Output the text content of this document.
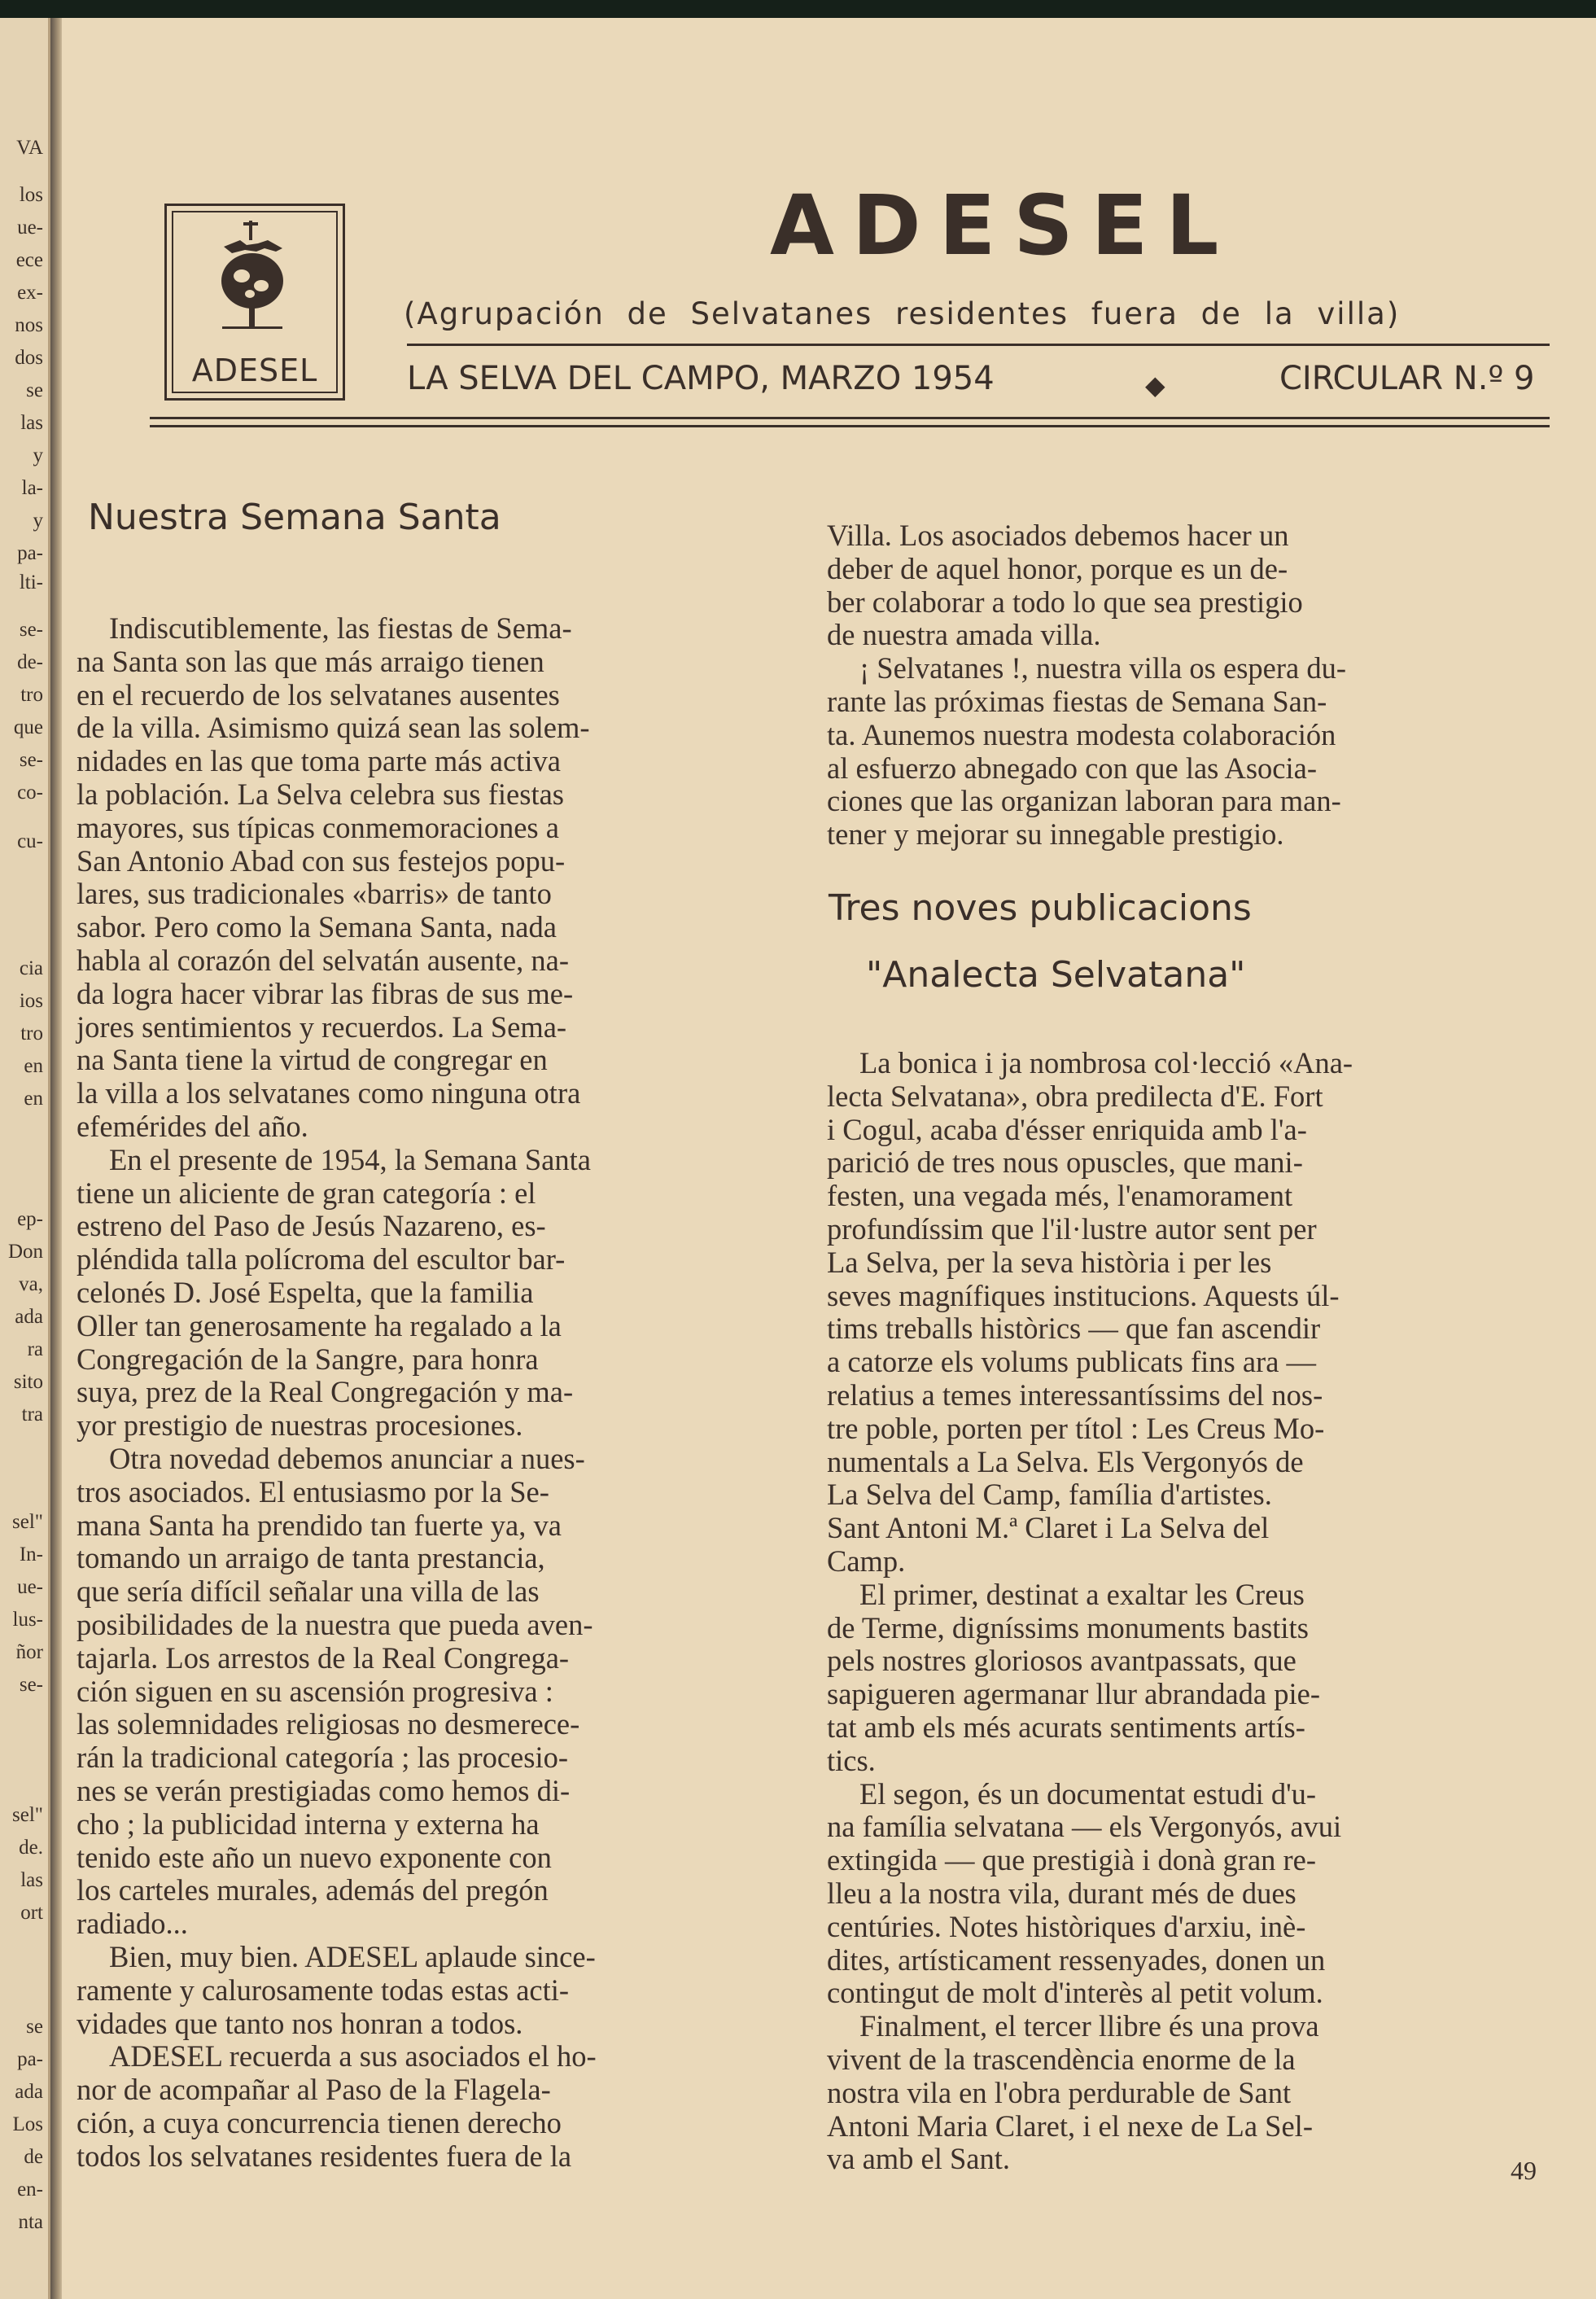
VA
los
ue-
ece
ex-
nos
dos
se
las
y
la-
y
pa-
lti-
se-
de-
tro
que
se-
co-
cu-
cia
ios
tro
en
en
ep-
Don
va,
ada
ra
sito
tra
sel"
In-
ue-
lus-
ñor
se-
sel"
de.
las
ort
se
pa-
ada
Los
de
en-
nta
ADESEL
ADESEL
(Agrupación de Selvatanes residentes fuera de la villa)
LA SELVA DEL CAMPO, MARZO 1954	◆	CIRCULAR N.º 9
Nuestra Semana Santa
Indiscutiblemente, las fiestas de Sema-
na Santa son las que más arraigo tienen
en el recuerdo de los selvatanes ausentes
de la villa. Asimismo quizá sean las solem-
nidades en las que toma parte más activa
la población. La Selva celebra sus fiestas
mayores, sus típicas conmemoraciones a
San Antonio Abad con sus festejos popu-
lares, sus tradicionales «barris» de tanto
sabor. Pero como la Semana Santa, nada
habla al corazón del selvatán ausente, na-
da logra hacer vibrar las fibras de sus me-
jores sentimientos y recuerdos. La Sema-
na Santa tiene la virtud de congregar en
la villa a los selvatanes como ninguna otra
efemérides del año.
En el presente de 1954, la Semana Santa
tiene un aliciente de gran categoría : el
estreno del Paso de Jesús Nazareno, es-
pléndida talla polícroma del escultor bar-
celonés D. José Espelta, que la familia
Oller tan generosamente ha regalado a la
Congregación de la Sangre, para honra
suya, prez de la Real Congregación y ma-
yor prestigio de nuestras procesiones.
Otra novedad debemos anunciar a nues-
tros asociados. El entusiasmo por la Se-
mana Santa ha prendido tan fuerte ya, va
tomando un arraigo de tanta prestancia,
que sería difícil señalar una villa de las
posibilidades de la nuestra que pueda aven-
tajarla. Los arrestos de la Real Congrega-
ción siguen en su ascensión progresiva :
las solemnidades religiosas no desmerece-
rán la tradicional categoría ; las procesio-
nes se verán prestigiadas como hemos di-
cho ; la publicidad interna y externa ha
tenido este año un nuevo exponente con
los carteles murales, además del pregón
radiado...
Bien, muy bien. ADESEL aplaude since-
ramente y calurosamente todas estas acti-
vidades que tanto nos honran a todos.
ADESEL recuerda a sus asociados el ho-
nor de acompañar al Paso de la Flagela-
ción, a cuya concurrencia tienen derecho
todos los selvatanes residentes fuera de la
Villa. Los asociados debemos hacer un
deber de aquel honor, porque es un de-
ber colaborar a todo lo que sea prestigio
de nuestra amada villa.
¡ Selvatanes !, nuestra villa os espera du-
rante las próximas fiestas de Semana San-
ta. Aunemos nuestra modesta colaboración
al esfuerzo abnegado con que las Asocia-
ciones que las organizan laboran para man-
tener y mejorar su innegable prestigio.
Tres noves publicacions
"Analecta Selvatana"
La bonica i ja nombrosa col·lecció «Ana-
lecta Selvatana», obra predilecta d'E. Fort
i Cogul, acaba d'ésser enriquida amb l'a-
parició de tres nous opuscles, que mani-
festen, una vegada més, l'enamorament
profundíssim que l'il·lustre autor sent per
La Selva, per la seva història i per les
seves magnífiques institucions. Aquests úl-
tims treballs històrics — que fan ascendir
a catorze els volums publicats fins ara —
relatius a temes interessantíssims del nos-
tre poble, porten per títol : Les Creus Mo-
numentals a La Selva. Els Vergonyós de
La Selva del Camp, família d'artistes.
Sant Antoni M.ª Claret i La Selva del
Camp.
El primer, destinat a exaltar les Creus
de Terme, digníssims monuments bastits
pels nostres gloriosos avantpassats, que
sapigueren agermanar llur abrandada pie-
tat amb els més acurats sentiments artís-
tics.
El segon, és un documentat estudi d'u-
na família selvatana — els Vergonyós, avui
extingida — que prestigià i donà gran re-
lleu a la nostra vila, durant més de dues
centúries. Notes històriques d'arxiu, inè-
dites, artísticament ressenyades, donen un
contingut de molt d'interès al petit volum.
Finalment, el tercer llibre és una prova
vivent de la trascendència enorme de la
nostra vila en l'obra perdurable de Sant
Antoni Maria Claret, i el nexe de La Sel-
va amb el Sant.	49
